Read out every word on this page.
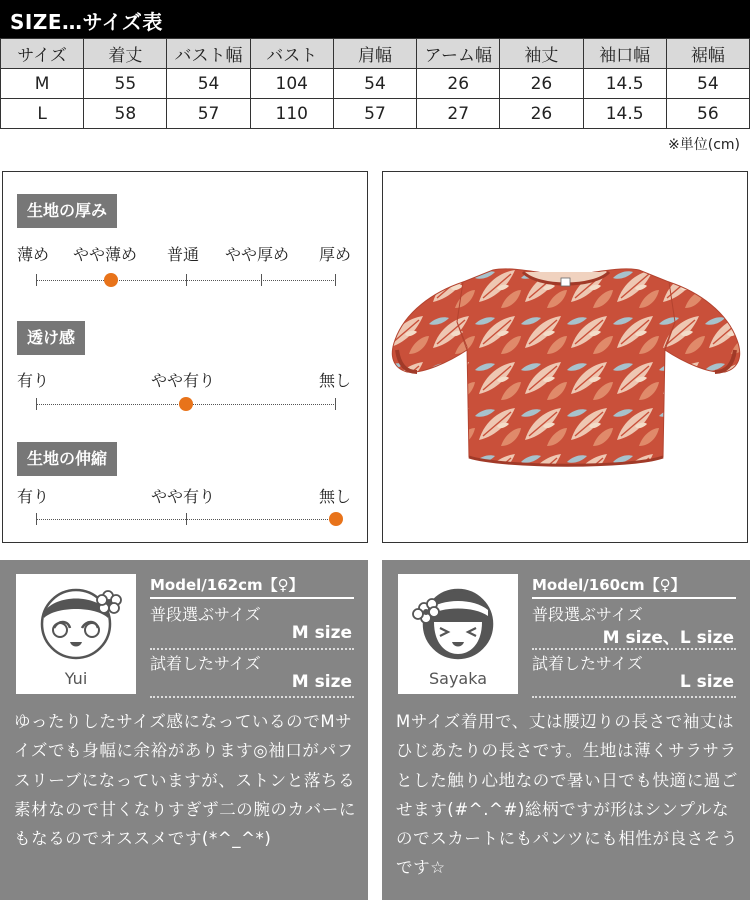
SIZE…サイズ表
サイズ	着丈	バスト幅	バスト	肩幅	アーム幅	袖丈	袖口幅	裾幅
M	55	54	104	54	26	26	14.5	54
L	58	57	110	57	27	26	14.5	56
※単位(cm)
生地の厚み
薄め やや薄め 普通 やや厚め 厚め
透け感
有り	やや有り	無し
生地の伸縮
有り	やや有り	無し
Yui
Model/162cm【♀】
普段選ぶサイズ
M size
試着したサイズ
M size
ゆったりしたサイズ感になっているのでMサイズでも身幅に余裕があります◎袖口がパフスリーブになっていますが、ストンと落ちる素材なので甘くなりすぎず二の腕のカバーにもなるのでオススメです(*^_^*)
Sayaka
Model/160cm【♀】
普段選ぶサイズ
M size、L size
試着したサイズ
L size
Mサイズ着用で、丈は腰辺りの長さで袖丈はひじあたりの長さです。生地は薄くサラサラとした触り心地なので暑い日でも快適に過ごせます(#^.^#)総柄ですが形はシンプルなのでスカートにもパンツにも相性が良さそうです☆
